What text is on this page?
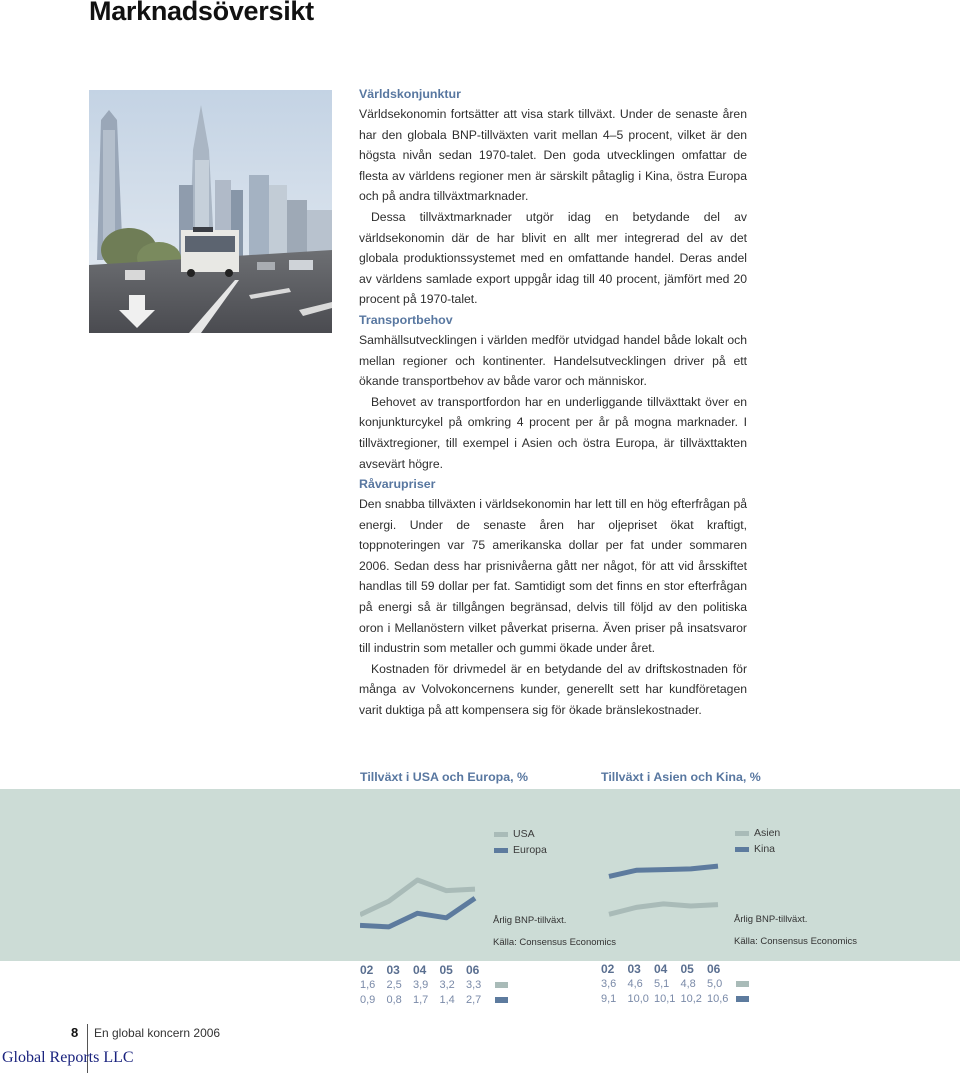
Marknadsöversikt
Världskonjunktur

Världsekonomin fortsätter att visa stark tillväxt. Under de senaste åren har den globala BNP-tillväxten varit mellan 4–5 procent, vilket är den högsta nivån sedan 1970-talet. Den goda utvecklingen omfattar de flesta av världens regioner men är särskilt påtaglig i Kina, östra Europa och på andra tillväxtmarknader.

Dessa tillväxtmarknader utgör idag en betydande del av världsekonomin där de har blivit en allt mer integrerad del av det globala produktionssystemet med en omfattande handel. Deras andel av världens samlade export uppgår idag till 40 procent, jämfört med 20 procent på 1970-talet.

Transportbehov

Samhällsutvecklingen i världen medför utvidgad handel både lokalt och mellan regioner och kontinenter. Handelsutvecklingen driver på ett ökande transportbehov av både varor och människor.

Behovet av transportfordon har en underliggande tillväxttakt över en konjunkturcykel på omkring 4 procent per år på mogna marknader. I tillväxtregioner, till exempel i Asien och östra Europa, är tillväxttakten avsevärt högre.

Råvarupriser

Den snabba tillväxten i världsekonomin har lett till en hög efterfrågan på energi. Under de senaste åren har oljepriset ökat kraftigt, toppnoteringen var 75 amerikanska dollar per fat under sommaren 2006. Sedan dess har prisnivåerna gått ner något, för att vid årsskiftet handlas till 59 dollar per fat. Samtidigt som det finns en stor efterfrågan på energi så är tillgången begränsad, delvis till följd av den politiska oron i Mellanöstern vilket påverkat priserna. Även priser på insatsvaror till industrin som metaller och gummi ökade under året.

Kostnaden för drivmedel är en betydande del av driftskostnaden för många av Volvokoncernens kunder, generellt sett har kundföretagen varit duktiga på att kompensera sig för ökade bränslekostnader.

Tillväxt i USA och Europa, %	Tillväxt i Asien och Kina, %
USA
Europa
Asien
Kina
Årlig BNP-tillväxt.
Källa: Consensus Economics
Årlig BNP-tillväxt.
Källa: Consensus Economics
02	03	04	05	06
1,6	2,5	3,9	3,2	3,3
0,9	0,8	1,7	1,4	2,7
02	03	04	05	06
3,6	4,6	5,1	4,8	5,0
9,1	10,0 10,1 10,2 10,6
8 En global koncern 2006
Global Reports LLC
